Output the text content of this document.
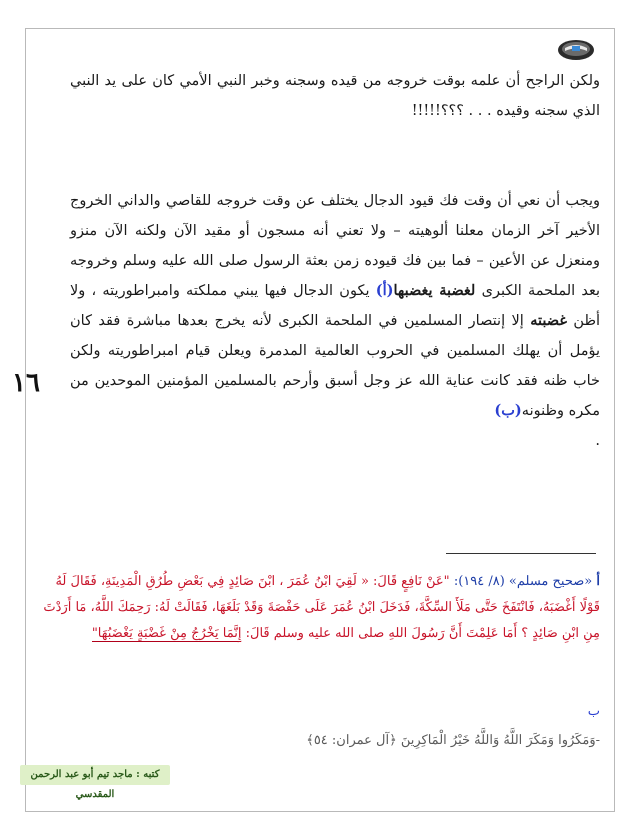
ولكن الراجح أن علمه بوقت خروجه من قيده وسجنه وخبر النبي الأمي كان على يد النبي الذي سجنه وقيده . . . ؟؟؟!!!!!
ويجب أن نعي أن وقت فك قيود الدجال يختلف عن وقت خروجه للقاصي والداني الخروج الأخير آخر الزمان معلنا ألوهيته – ولا تعني أنه مسجون أو مقيد الآن ولكنه الآن منزو ومنعزل عن الأعين – فما بين فك قيوده زمن بعثة الرسول صلى الله عليه وسلم وخروجه بعد الملحمة الكبرى لغضبة يغضبها(أ) يكون الدجال فيها يبني مملكته وامبراطوريته ، ولا أظن غضبته إلا إنتصار المسلمين في الملحمة الكبرى لأنه يخرج بعدها مباشرة فقد كان يؤمل أن يهلك المسلمين في الحروب العالمية المدمرة ويعلن قيام امبراطوريته ولكن خاب ظنه فقد كانت عناية الله عز وجل أسبق وأرحم بالمسلمين المؤمنين الموحدين من مكره وظنونه(ب)
.
١٦
أ «صحيح مسلم» (٨/ ١٩٤): "عَنْ نَافِعٍ قَالَ: « لَقِيَ ابْنُ عُمَرَ ، ابْنَ صَائِدٍ فِي بَعْضِ طُرُقِ الْمَدِينَةِ، فَقَالَ لَهُ قَوْلًا أَغْضَبَهُ، فَانْتَفَخَ حَتَّى مَلَأَ السِّكَّةَ، فَدَخَلَ ابْنُ عُمَرَ عَلَى حَفْصَةَ وَقَدْ بَلَغَهَا، فَقَالَتْ لَهُ: رَحِمَكَ اللَّهُ، مَا أَرَدْتَ مِنِ ابْنِ صَائِدٍ ؟ أَمَا عَلِمْتَ أَنَّ رَسُولَ اللهِ صلى الله عليه وسلم قَالَ: إِنَّمَا يَخْرُجُ مِنْ غَضْبَةٍ يَغْضَبُهَا"
ب
-وَمَكَرُوا وَمَكَرَ اللَّهُ وَاللَّهُ خَيْرُ الْمَاكِرِينَ ﴿آل عمران: ٥٤﴾
كتبه : ماجد تيم أبو عبد الرحمن المقدسي
